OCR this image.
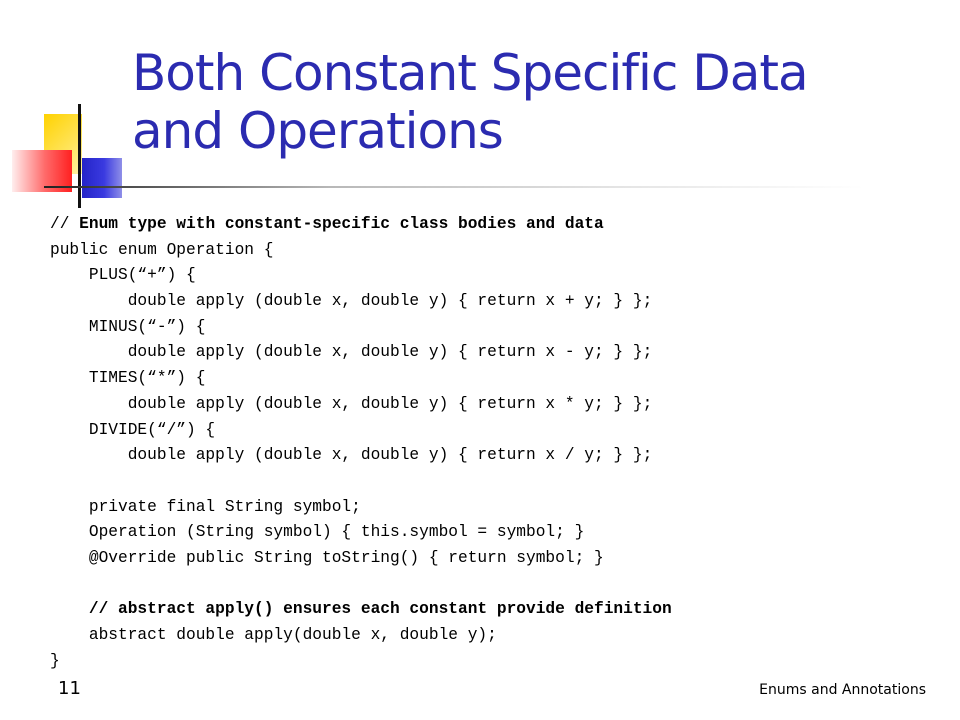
Both Constant Specific Data
and Operations
// Enum type with constant-specific class bodies and data
public enum Operation {
PLUS(“+”) {
double apply (double x, double y) { return x + y; } };
MINUS(“-”) {
double apply (double x, double y) { return x - y; } };
TIMES(“*”) {
double apply (double x, double y) { return x * y; } };
DIVIDE(“/”) {
double apply (double x, double y) { return x / y; } };
private final String symbol;
Operation (String symbol) { this.symbol = symbol; }
@Override public String toString() { return symbol; }
// abstract apply() ensures each constant provide definition
abstract double apply(double x, double y);
}
11	Enums and Annotations
